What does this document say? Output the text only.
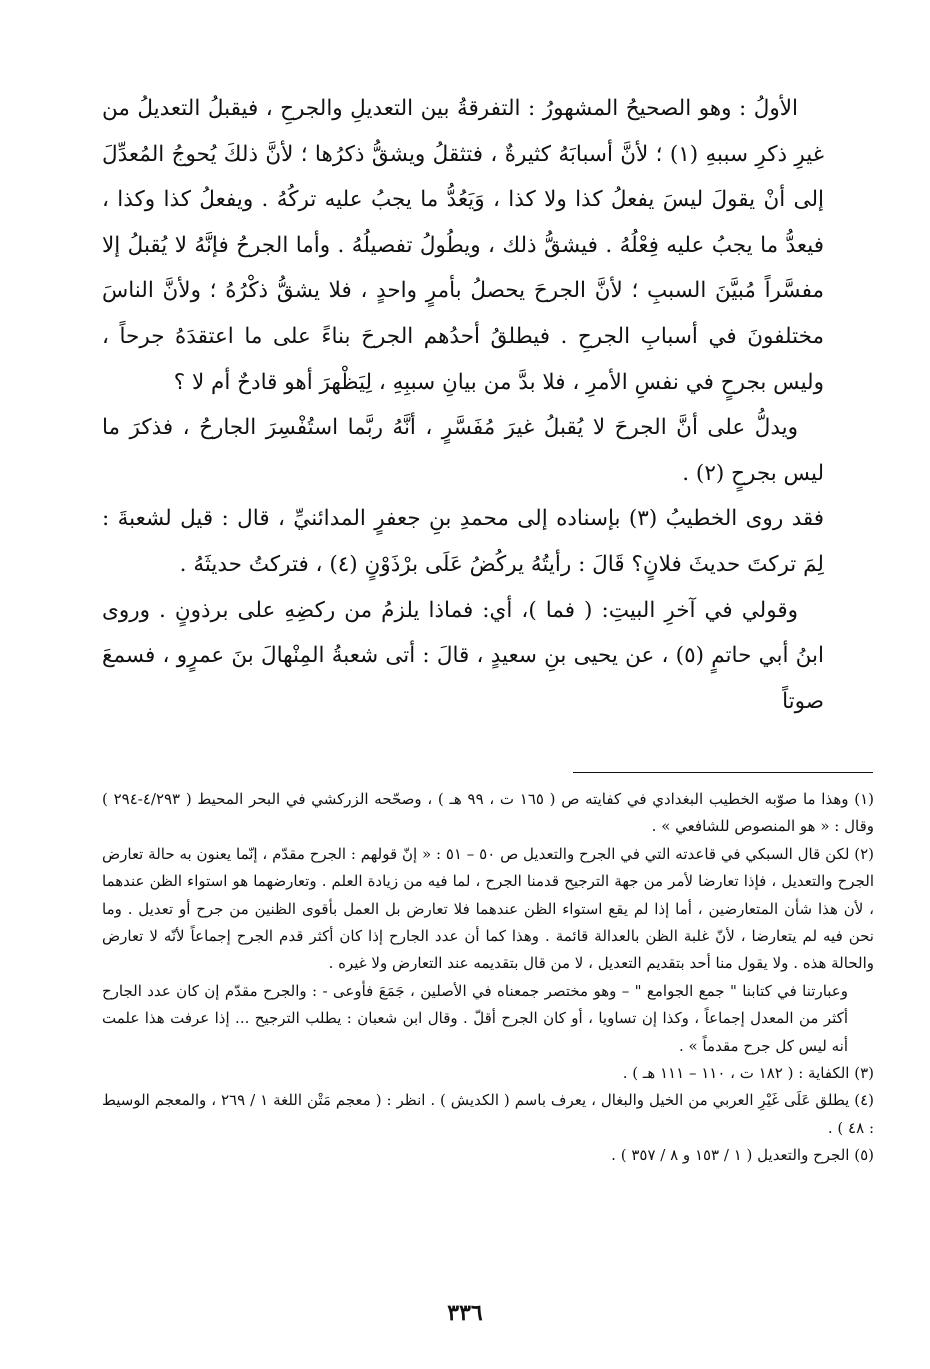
الأولُ : وهو الصحيحُ المشهورُ : التفرقةُ بين التعديلِ والجرحِ ، فيقبلُ التعديلُ من غيرِ ذكرِ سببهِ (١) ؛ لأنَّ أسبابَهُ كثيرةٌ ، فتثقلُ ويشقُّ ذكرُها ؛ لأنَّ ذلكَ يُحوجُ المُعدِّلَ إلى أنْ يقولَ ليسَ يفعلُ كذا ولا كذا ، وَيَعُدُّ ما يجبُ عليه تركُهُ . ويفعلُ كذا وكذا ، فيعدُّ ما يجبُ عليه فِعْلُهُ . فيشقُّ ذلك ، ويطُولُ تفصيلُهُ . وأما الجرحُ فإنَّهُ لا يُقبلُ إلا مفسَّراً مُبيَّنَ السببِ ؛ لأنَّ الجرحَ يحصلُ بأمرٍ واحدٍ ، فلا يشقُّ ذكْرُهُ ؛ ولأنَّ الناسَ مختلفونَ في أسبابِ الجرحِ . فيطلقُ أحدُهم الجرحَ بناءً على ما اعتقدَهُ جرحاً ، وليس بجرحٍ في نفسِ الأمرِ ، فلا بدَّ من بيانِ سببِهِ ، لِيَظْهرَ أهو قادحٌ أم لا ؟

ويدلُّ على أنَّ الجرحَ لا يُقبلُ غيرَ مُفَسَّرٍ ، أنَّهُ ربَّما استُفْسِرَ الجارحُ ، فذكرَ ما ليس بجرحٍ (٢) .

فقد روى الخطيبُ (٣) بإسناده إلى محمدِ بنِ جعفرٍ المدائنيِّ ، قال : قيل لشعبةَ : لِمَ تركتَ حديثَ فلانٍ؟ قَالَ : رأيتُهُ يركُضُ عَلَى برْذَوْنٍ (٤) ، فتركتُ حديثَهُ .

وقولي في آخرِ البيتِ: ( فما )، أي: فماذا يلزمُ من ركضِهِ على برذونٍ . وروى ابنُ أبي حاتمٍ (٥) ، عن يحيى بنِ سعيدٍ ، قالَ : أتى شعبةُ المِنْهالَ بنَ عمرٍو ، فسمعَ صوتاً

(١) وهذا ما صوّبه الخطيب البغدادي في كفايته ص ( ١٦٥ ت ، ٩٩ هـ ) ، وصحّحه الزركشي في البحر المحيط ( ٤/٢٩٣-٢٩٤ ) وقال : « هو المنصوص للشافعي » .

(٢) لكن قال السبكي في قاعدته التي في الجرح والتعديل ص ٥٠ – ٥١ : « إنّ قولهم : الجرح مقدّم ، إنّما يعنون به حالة تعارض الجرح والتعديل ، فإذا تعارضا لأمر من جهة الترجيح قدمنا الجرح ، لما فيه من زيادة العلم . وتعارضهما هو استواء الظن عندهما ، لأن هذا شأن المتعارضين ، أما إذا لم يقع استواء الظن عندهما فلا تعارض بل العمل بأقوى الظنين من جرح أو تعديل . وما نحن فيه لم يتعارضا ، لأنّ غلبة الظن بالعدالة قائمة . وهذا كما أن عدد الجارح إذا كان أكثر قدم الجرح إجماعاً لأنّه لا تعارض والحالة هذه . ولا يقول منا أحد بتقديم التعديل ، لا من قال بتقديمه عند التعارض ولا غيره .

وعبارتنا في كتابنا " جمع الجوامع " – وهو مختصر جمعناه في الأصلين ، جَمَعَ فأوعى - : والجرح مقدّم إن كان عدد الجارح أكثر من المعدل إجماعاً ، وكذا إن تساويا ، أو كان الجرح أقلّ . وقال ابن شعبان : يطلب الترجيح ... إذا عرفت هذا علمت أنه ليس كل جرح مقدماً » .

(٣) الكفاية : ( ١٨٢ ت ، ١١٠ – ١١١ هـ ) .

(٤) يطلق عَلَى غَيْرِ العربي من الخيل والبغال ، يعرف باسم ( الكديش ) . انظر : ( معجم مَتْن اللغة ١ / ٢٦٩ ، والمعجم الوسيط : ٤٨ ) .

(٥) الجرح والتعديل ( ١ / ١٥٣ و ٨ / ٣٥٧ ) .

٣٣٦
